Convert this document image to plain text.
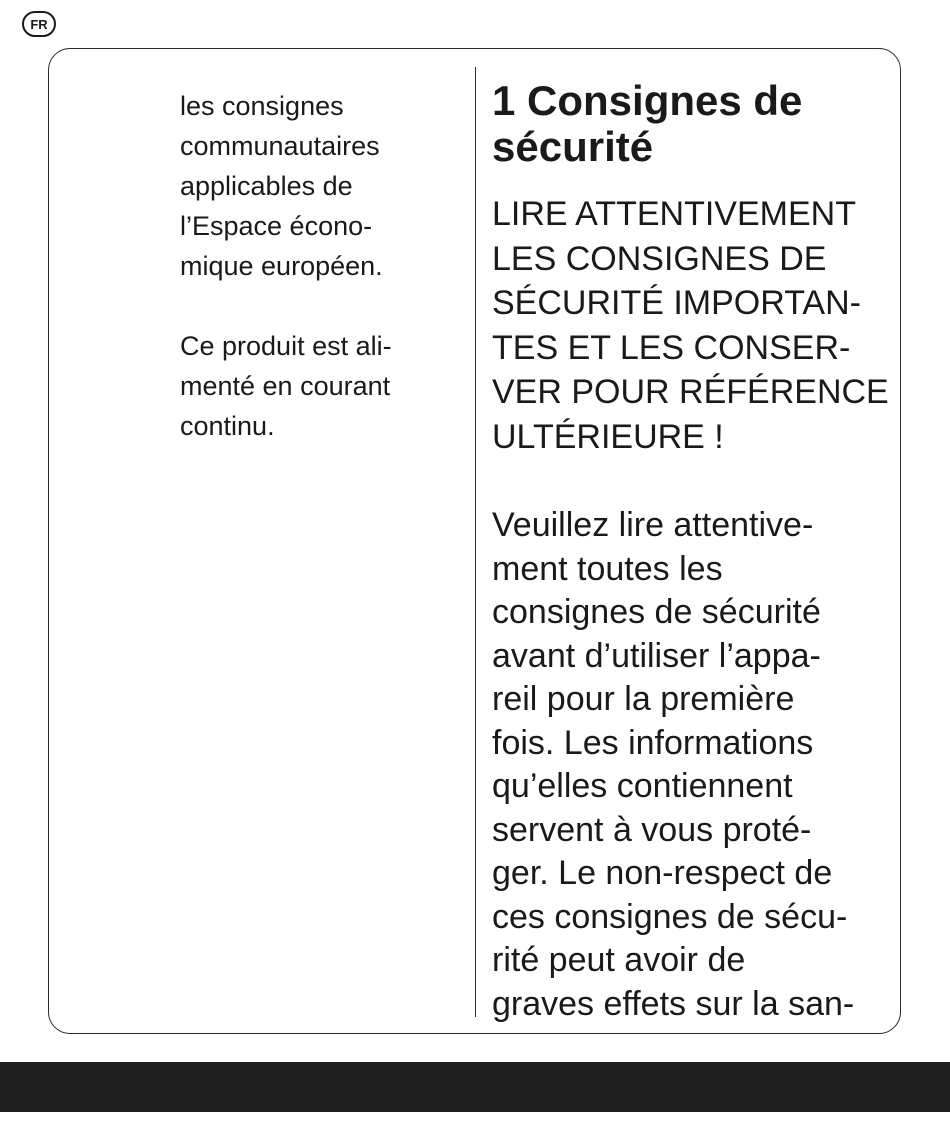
FR

les consignes
communautaires
applicables de
l’Espace écono-
mique européen.

Ce produit est ali-
menté en courant
continu.

1 Consignes de
sécurité

LIRE ATTENTIVEMENT
LES CONSIGNES DE
SÉCURITÉ IMPORTAN-
TES ET LES CONSER-
VER POUR RÉFÉRENCE
ULTÉRIEURE !

Veuillez lire attentive-
ment toutes les
consignes de sécurité
avant d’utiliser l’appa-
reil pour la première
fois. Les informations
qu’elles contiennent
servent à vous proté-
ger. Le non-respect de
ces consignes de sécu-
rité peut avoir de
graves effets sur la san-
